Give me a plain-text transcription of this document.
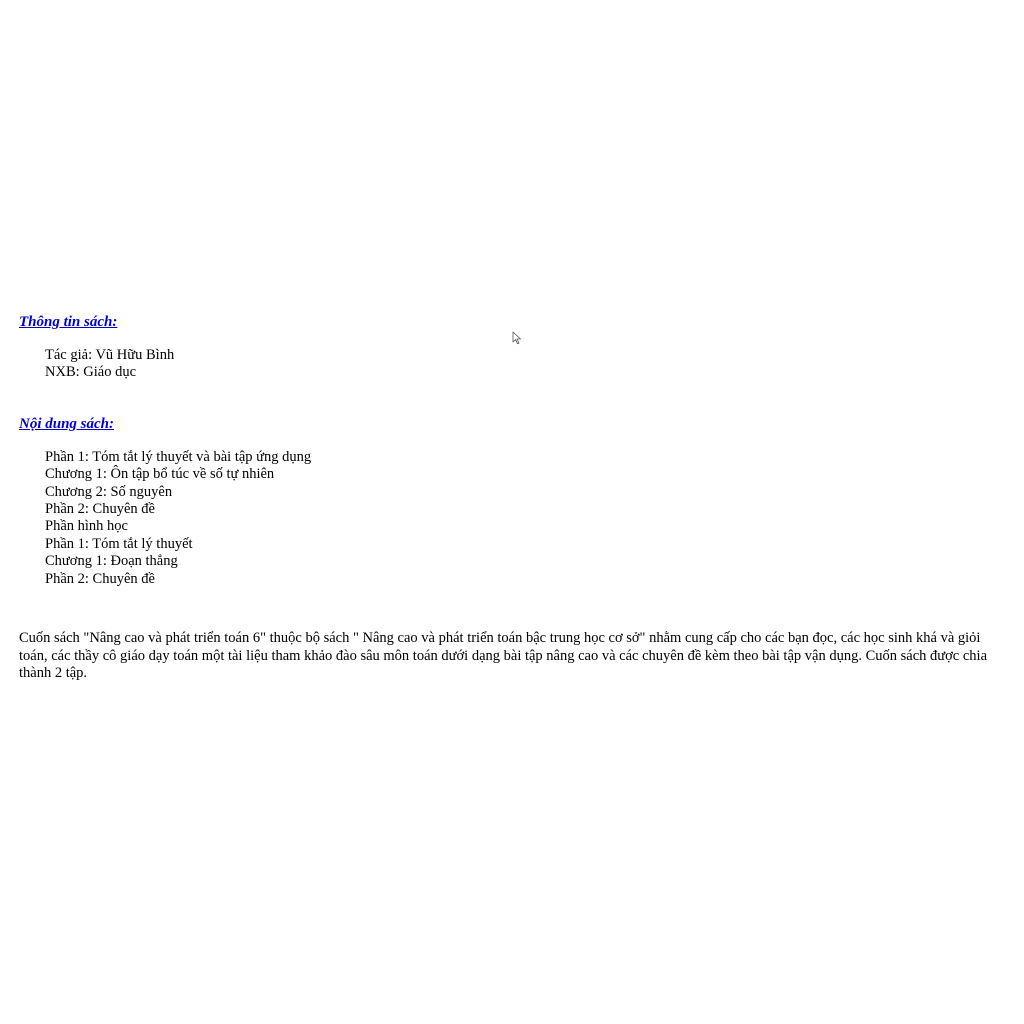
Thông tin sách:
Tác giả: Vũ Hữu Bình
NXB: Giáo dục
Nội dung sách:
Phần 1: Tóm tắt lý thuyết và bài tập ứng dụng
Chương 1: Ôn tập bổ túc về số tự nhiên
Chương 2: Số nguyên
Phần 2: Chuyên đề
Phần hình học
Phần 1: Tóm tắt lý thuyết
Chương 1: Đoạn thẳng
Phần 2: Chuyên đề

Cuốn sách "Nâng cao và phát triển toán 6" thuộc bộ sách " Nâng cao và phát triển toán bậc trung học cơ sở" nhằm cung cấp cho các bạn đọc, các học sinh khá và giỏi toán, các thầy cô giáo dạy toán một tài liệu tham khảo đào sâu môn toán dưới dạng bài tập nâng cao và các chuyên đề kèm theo bài tập vận dụng. Cuốn sách được chia thành 2 tập.
